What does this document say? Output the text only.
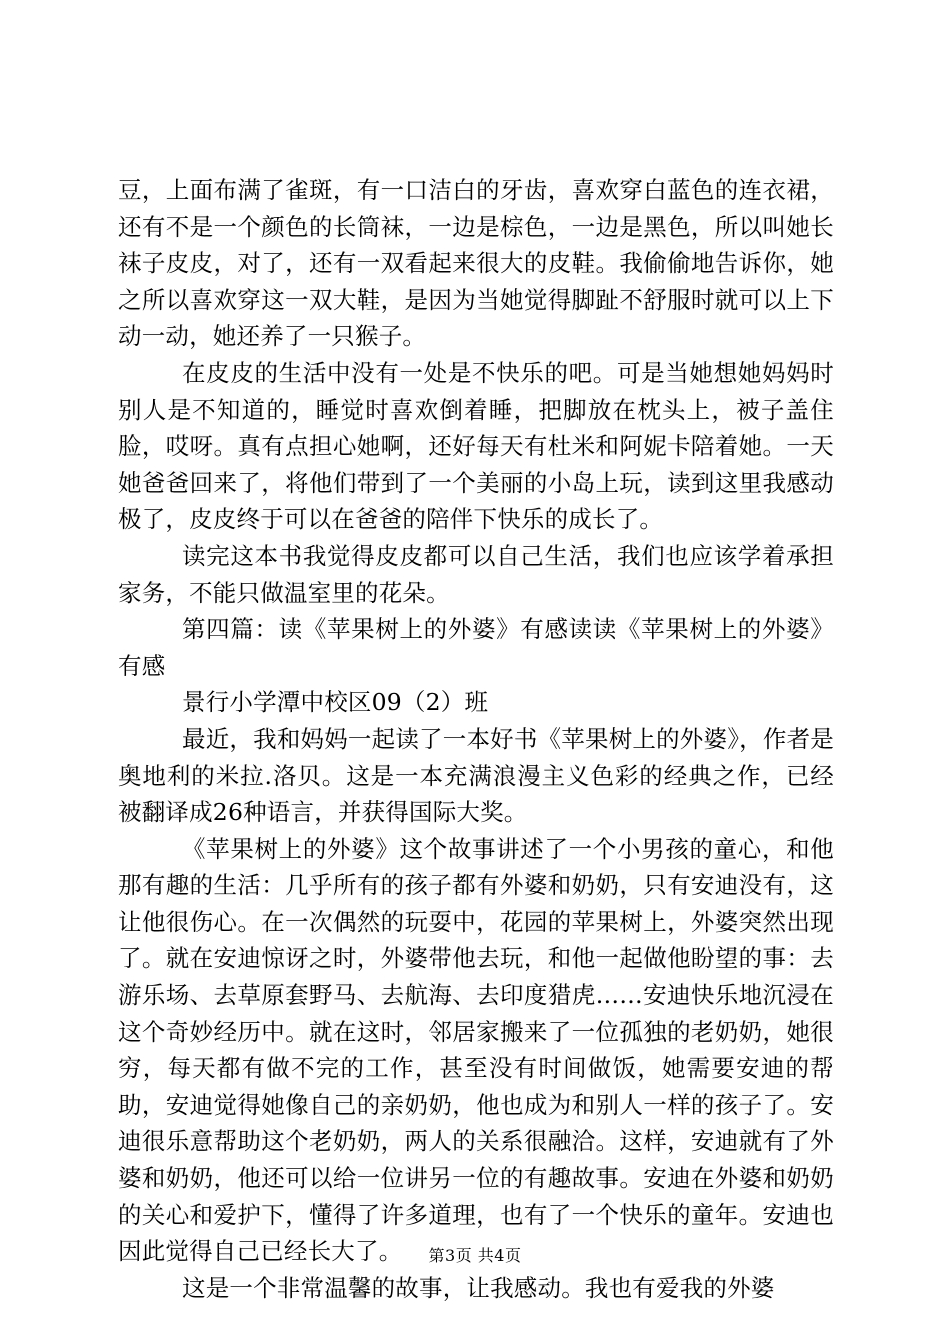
豆，上面布满了雀斑，有一口洁白的牙齿，喜欢穿白蓝色的连衣裙，还有不是一个颜色的长筒袜，一边是棕色，一边是黑色，所以叫她长袜子皮皮，对了，还有一双看起来很大的皮鞋。我偷偷地告诉你，她之所以喜欢穿这一双大鞋，是因为当她觉得脚趾不舒服时就可以上下动一动，她还养了一只猴子。

在皮皮的生活中没有一处是不快乐的吧。可是当她想她妈妈时别人是不知道的，睡觉时喜欢倒着睡，把脚放在枕头上，被子盖住脸，哎呀。真有点担心她啊，还好每天有杜米和阿妮卡陪着她。一天她爸爸回来了，将他们带到了一个美丽的小岛上玩，读到这里我感动极了，皮皮终于可以在爸爸的陪伴下快乐的成长了。

读完这本书我觉得皮皮都可以自己生活，我们也应该学着承担家务，不能只做温室里的花朵。

第四篇：读《苹果树上的外婆》有感读读《苹果树上的外婆》有感

景行小学潭中校区09（2）班

最近，我和妈妈一起读了一本好书《苹果树上的外婆》，作者是奥地利的米拉.洛贝。这是一本充满浪漫主义色彩的经典之作，已经被翻译成26种语言，并获得国际大奖。

《苹果树上的外婆》这个故事讲述了一个小男孩的童心，和他那有趣的生活：几乎所有的孩子都有外婆和奶奶，只有安迪没有，这让他很伤心。在一次偶然的玩耍中，花园的苹果树上，外婆突然出现了。就在安迪惊讶之时，外婆带他去玩，和他一起做他盼望的事：去游乐场、去草原套野马、去航海、去印度猎虎……安迪快乐地沉浸在这个奇妙经历中。就在这时，邻居家搬来了一位孤独的老奶奶，她很穷，每天都有做不完的工作，甚至没有时间做饭，她需要安迪的帮助，安迪觉得她像自己的亲奶奶，他也成为和别人一样的孩子了。安迪很乐意帮助这个老奶奶，两人的关系很融洽。这样，安迪就有了外婆和奶奶，他还可以给一位讲另一位的有趣故事。安迪在外婆和奶奶的关心和爱护下，懂得了许多道理，也有了一个快乐的童年。安迪也因此觉得自己已经长大了。

这是一个非常温馨的故事，让我感动。我也有爱我的外婆

第3页 共4页
